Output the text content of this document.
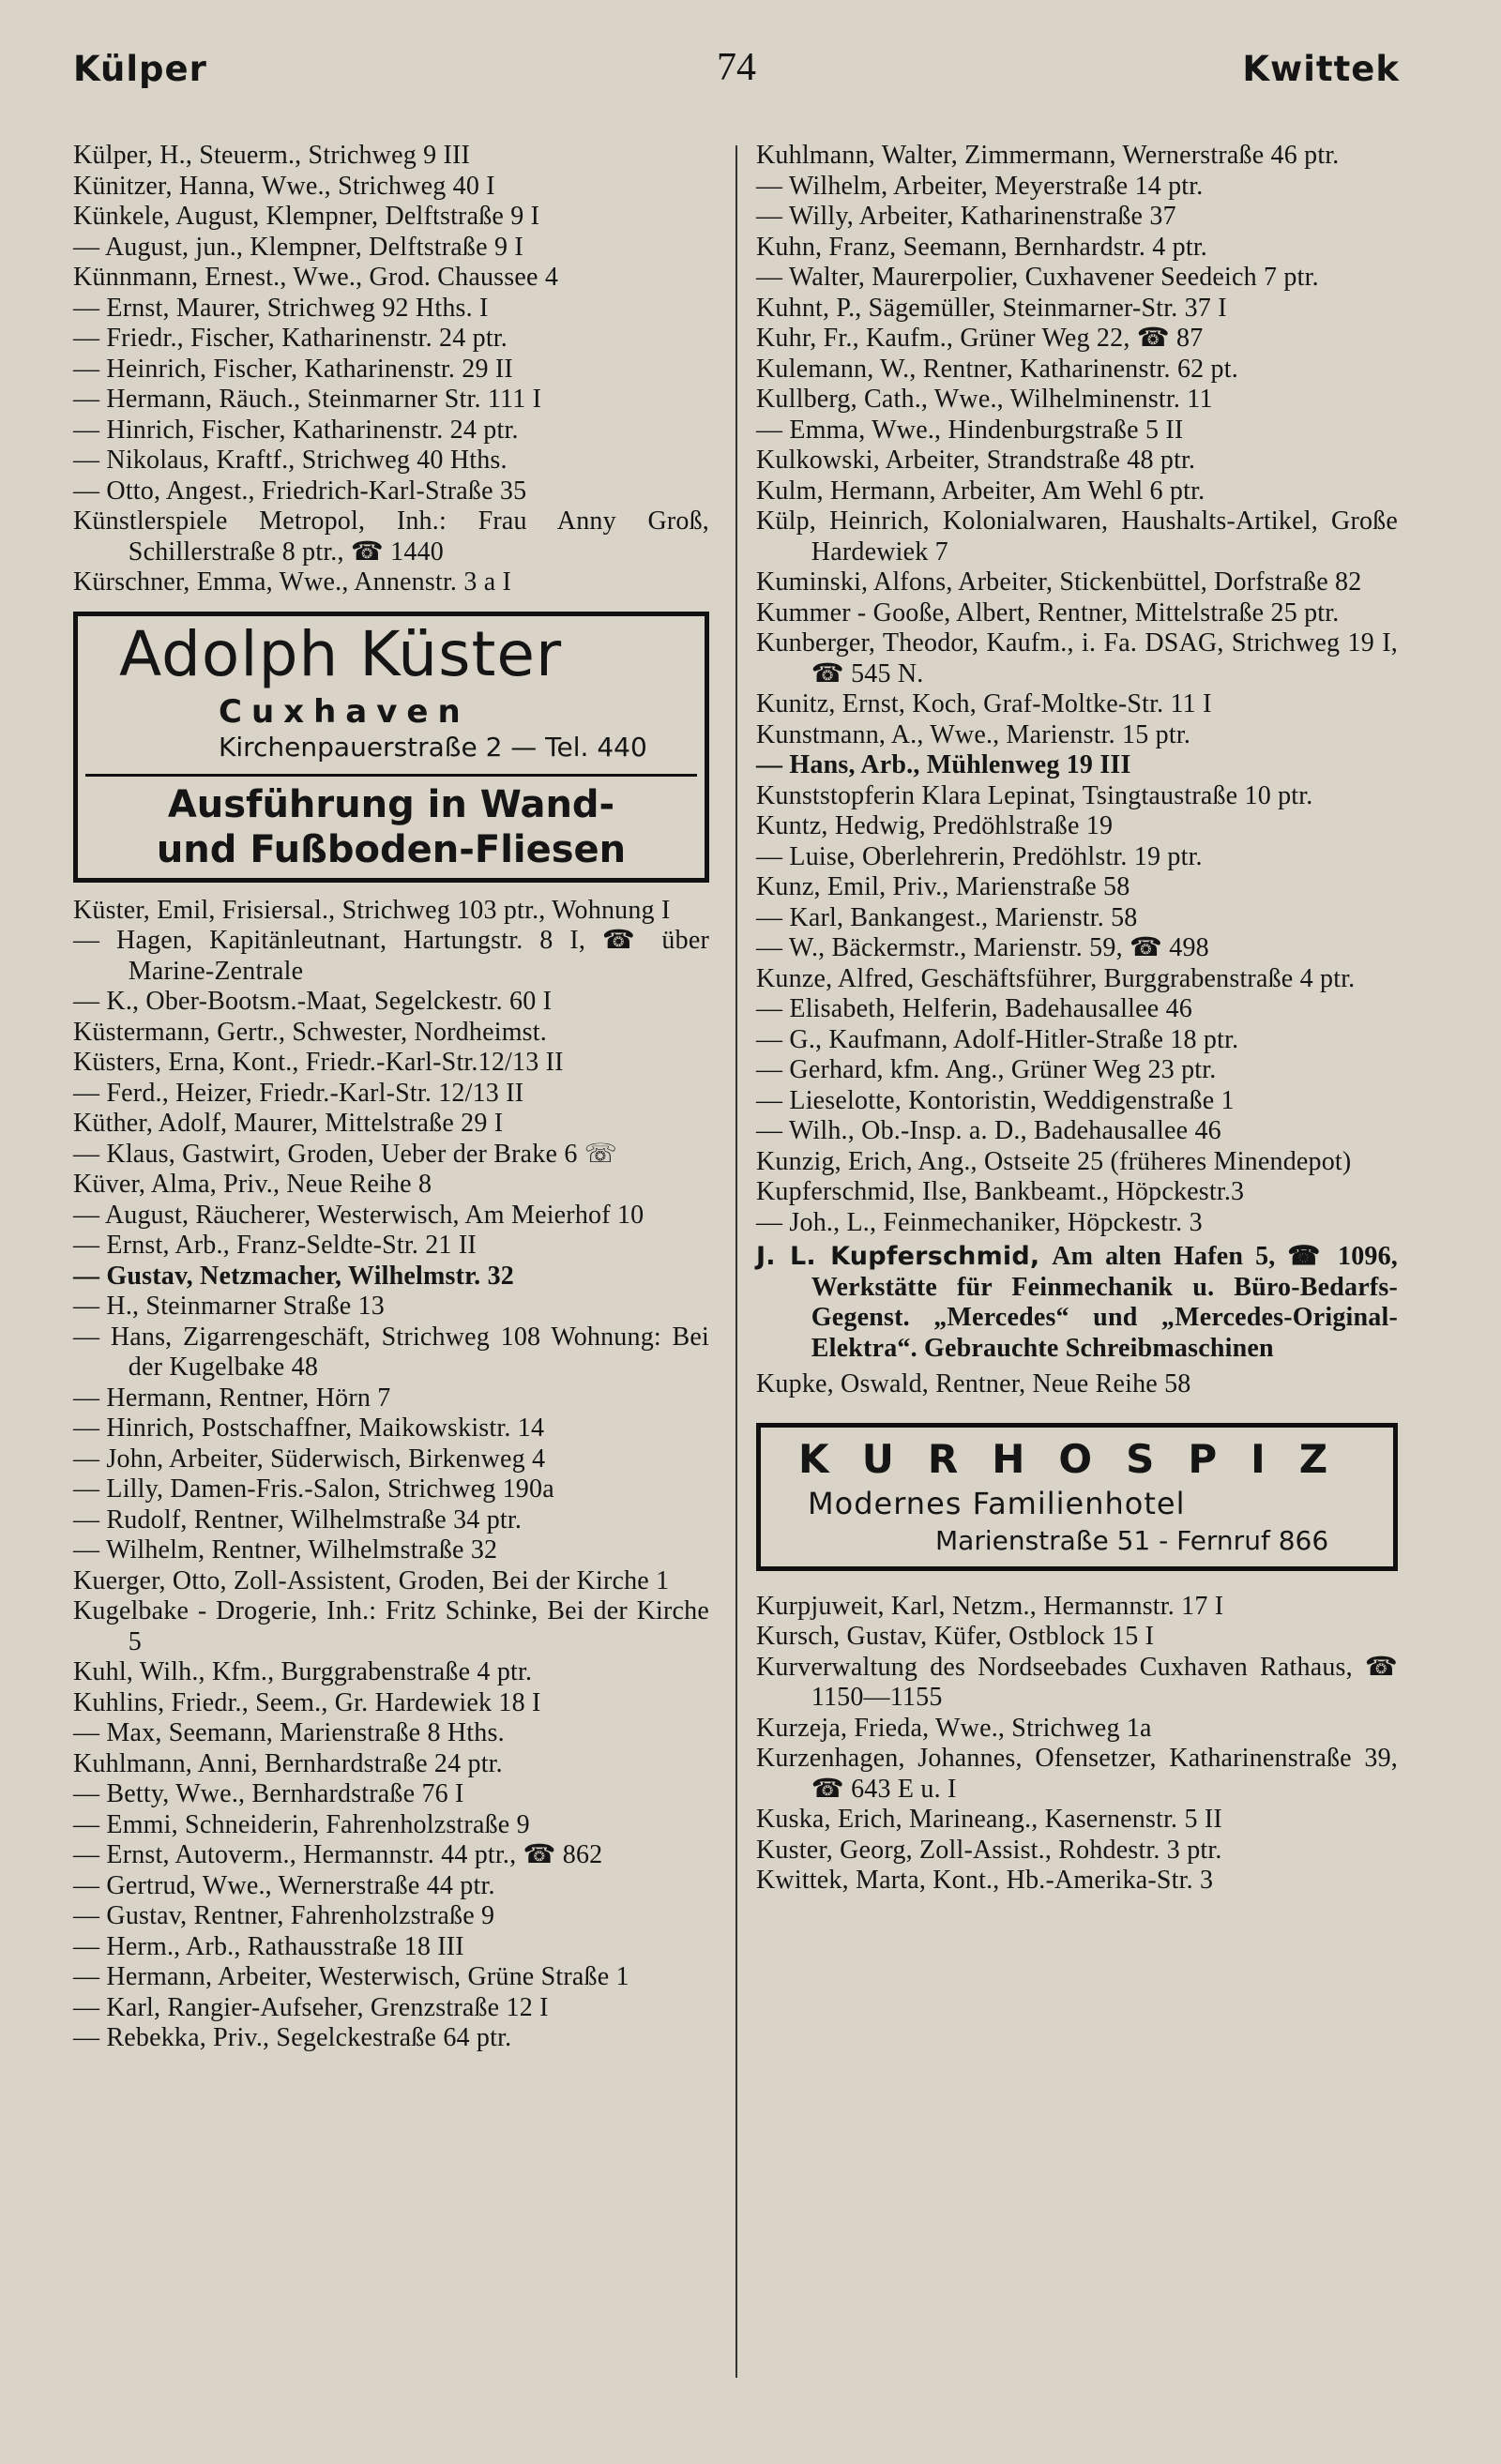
Külper	74	Kwittek
Külper, H., Steuerm., Strichweg 9 III
Künitzer, Hanna, Wwe., Strichweg 40 I
Künkele, August, Klempner, Delftstraße 9 I
— August, jun., Klempner, Delftstraße 9 I
Künnmann, Ernest., Wwe., Grod. Chaussee 4
— Ernst, Maurer, Strichweg 92 Hths. I
— Friedr., Fischer, Katharinenstr. 24 ptr.
— Heinrich, Fischer, Katharinenstr. 29 II
— Hermann, Räuch., Steinmarner Str. 111 I
— Hinrich, Fischer, Katharinenstr. 24 ptr.
— Nikolaus, Kraftf., Strichweg 40 Hths.
— Otto, Angest., Friedrich-Karl-Straße 35
Künstlerspiele Metropol, Inh.: Frau Anny Groß, Schillerstraße 8 ptr., ☎ 1440
Kürschner, Emma, Wwe., Annenstr. 3 a I
Adolph Küster
Cuxhaven
Kirchenpauerstraße 2 — Tel. 440
Ausführung in Wand-
und Fußboden-Fliesen
Küster, Emil, Frisiersal., Strichweg 103 ptr., Wohnung I
— Hagen, Kapitänleutnant, Hartungstr. 8 I, ☎ über Marine-Zentrale
— K., Ober-Bootsm.-Maat, Segelckestr. 60 I
Küstermann, Gertr., Schwester, Nordheimst.
Küsters, Erna, Kont., Friedr.-Karl-Str.12/13 II
— Ferd., Heizer, Friedr.-Karl-Str. 12/13 II
Küther, Adolf, Maurer, Mittelstraße 29 I
— Klaus, Gastwirt, Groden, Ueber der Brake 6 ☏
Küver, Alma, Priv., Neue Reihe 8
— August, Räucherer, Westerwisch, Am Meierhof 10
— Ernst, Arb., Franz-Seldte-Str. 21 II
— Gustav, Netzmacher, Wilhelmstr. 32
— H., Steinmarner Straße 13
— Hans, Zigarrengeschäft, Strichweg 108 Wohnung: Bei der Kugelbake 48
— Hermann, Rentner, Hörn 7
— Hinrich, Postschaffner, Maikowskistr. 14
— John, Arbeiter, Süderwisch, Birkenweg 4
— Lilly, Damen-Fris.-Salon, Strichweg 190a
— Rudolf, Rentner, Wilhelmstraße 34 ptr.
— Wilhelm, Rentner, Wilhelmstraße 32
Kuerger, Otto, Zoll-Assistent, Groden, Bei der Kirche 1
Kugelbake - Drogerie, Inh.: Fritz Schinke, Bei der Kirche 5
Kuhl, Wilh., Kfm., Burggrabenstraße 4 ptr.
Kuhlins, Friedr., Seem., Gr. Hardewiek 18 I
— Max, Seemann, Marienstraße 8 Hths.
Kuhlmann, Anni, Bernhardstraße 24 ptr.
— Betty, Wwe., Bernhardstraße 76 I
— Emmi, Schneiderin, Fahrenholzstraße 9
— Ernst, Autoverm., Hermannstr. 44 ptr., ☎ 862
— Gertrud, Wwe., Wernerstraße 44 ptr.
— Gustav, Rentner, Fahrenholzstraße 9
— Herm., Arb., Rathausstraße 18 III
— Hermann, Arbeiter, Westerwisch, Grüne Straße 1
— Karl, Rangier-Aufseher, Grenzstraße 12 I
— Rebekka, Priv., Segelckestraße 64 ptr.
Kuhlmann, Walter, Zimmermann, Wernerstraße 46 ptr.
— Wilhelm, Arbeiter, Meyerstraße 14 ptr.
— Willy, Arbeiter, Katharinenstraße 37
Kuhn, Franz, Seemann, Bernhardstr. 4 ptr.
— Walter, Maurerpolier, Cuxhavener Seedeich 7 ptr.
Kuhnt, P., Sägemüller, Steinmarner-Str. 37 I
Kuhr, Fr., Kaufm., Grüner Weg 22, ☎ 87
Kulemann, W., Rentner, Katharinenstr. 62 pt.
Kullberg, Cath., Wwe., Wilhelminenstr. 11
— Emma, Wwe., Hindenburgstraße 5 II
Kulkowski, Arbeiter, Strandstraße 48 ptr.
Kulm, Hermann, Arbeiter, Am Wehl 6 ptr.
Külp, Heinrich, Kolonialwaren, Haushalts-Artikel, Große Hardewiek 7
Kuminski, Alfons, Arbeiter, Stickenbüttel, Dorfstraße 82
Kummer - Gooße, Albert, Rentner, Mittelstraße 25 ptr.
Kunberger, Theodor, Kaufm., i. Fa. DSAG, Strichweg 19 I, ☎ 545 N.
Kunitz, Ernst, Koch, Graf-Moltke-Str. 11 I
Kunstmann, A., Wwe., Marienstr. 15 ptr.
— Hans, Arb., Mühlenweg 19 III
Kunststopferin Klara Lepinat, Tsingtaustraße 10 ptr.
Kuntz, Hedwig, Predöhlstraße 19
— Luise, Oberlehrerin, Predöhlstr. 19 ptr.
Kunz, Emil, Priv., Marienstraße 58
— Karl, Bankangest., Marienstr. 58
— W., Bäckermstr., Marienstr. 59, ☎ 498
Kunze, Alfred, Geschäftsführer, Burggrabenstraße 4 ptr.
— Elisabeth, Helferin, Badehausallee 46
— G., Kaufmann, Adolf-Hitler-Straße 18 ptr.
— Gerhard, kfm. Ang., Grüner Weg 23 ptr.
— Lieselotte, Kontoristin, Weddigenstraße 1
— Wilh., Ob.-Insp. a. D., Badehausallee 46
Kunzig, Erich, Ang., Ostseite 25 (früheres Minendepot)
Kupferschmid, Ilse, Bankbeamt., Höpckestr.3
— Joh., L., Feinmechaniker, Höpckestr. 3
J. L. Kupferschmid, Am alten Hafen 5, ☎ 1096, Werkstätte für Feinmechanik u. Büro-Bedarfs-Gegenst. „Mercedes“ und „Mercedes-Original-Elektra“. Gebrauchte Schreibmaschinen
Kupke, Oswald, Rentner, Neue Reihe 58
KURHOSPIZ
Modernes Familienhotel
Marienstraße 51 - Fernruf 866
Kurpjuweit, Karl, Netzm., Hermannstr. 17 I
Kursch, Gustav, Küfer, Ostblock 15 I
Kurverwaltung des Nordseebades Cuxhaven Rathaus, ☎ 1150—1155
Kurzeja, Frieda, Wwe., Strichweg 1a
Kurzenhagen, Johannes, Ofensetzer, Katharinenstraße 39, ☎ 643 E u. I
Kuska, Erich, Marineang., Kasernenstr. 5 II
Kuster, Georg, Zoll-Assist., Rohdestr. 3 ptr.
Kwittek, Marta, Kont., Hb.-Amerika-Str. 3
